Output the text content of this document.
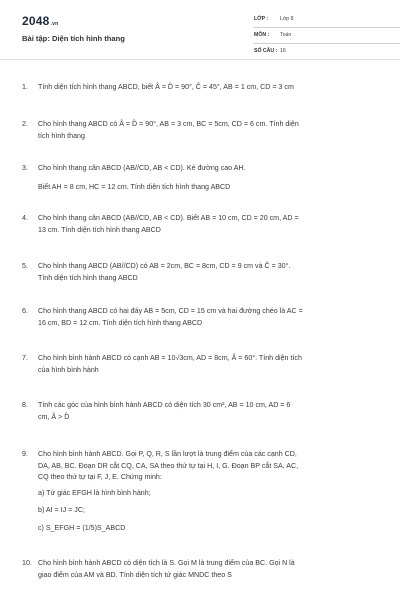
2048.vn
Bài tập: Diện tích hình thang
LỚP : Lớp 8
MÔN : Toán
SỐ CÂU : 16
1. Tính diện tích hình thang ABCD, biết Â = D̂ = 90°, Ĉ = 45°, AB = 1 cm, CD = 3 cm
2. Cho hình thang ABCD có Â = D̂ = 90°, AB = 3 cm, BC = 5cm, CD = 6 cm. Tính diện
tích hình thang
3. Cho hình thang cân ABCD (AB//CD, AB < CD). Kẻ đường cao AH.
Biết AH = 8 cm, HC = 12 cm. Tính diện tích hình thang ABCD
4. Cho hình thang cân ABCD (AB//CD, AB < CD). Biết AB = 10 cm, CD = 20 cm, AD =
13 cm. Tính diện tích hình thang ABCD
5. Cho hình thang ABCD (AB//CD) có AB = 2cm, BC = 8cm, CD = 9 cm và Ĉ = 30°.
Tính diện tích hình thang ABCD
6. Cho hình thang ABCD có hai đáy AB = 5cm, CD = 15 cm và hai đường chéo là AC =
16 cm, BD = 12 cm. Tính diện tích hình thang ABCD
7. Cho hình bình hành ABCD có cạnh AB = 10√3cm, AD = 8cm, Â = 60°. Tính diện tích
của hình bình hành
8. Tính các góc của hình bình hành ABCD có diện tích 30 cm², AB = 10 cm, AD = 6
cm, Â > D̂
9. Cho hình bình hành ABCD. Gọi P, Q, R, S lần lượt là trung điểm của các cạnh CD,
DA, AB, BC. Đoạn DR cắt CQ, CA, SA theo thứ tự tại H, I, G. Đoạn BP cắt SA, AC,
CQ theo thứ tự tại F, J, E. Chứng minh:
a) Tứ giác EFGH là hình bình hành;
b) AI = IJ = JC;
c) S_EFGH = (1/5)S_ABCD
10. Cho hình bình hành ABCD có diện tích là S. Gọi M là trung điểm của BC. Gọi N là
giao điểm của AM và BD. Tính diện tích tứ giác MNDC theo S
